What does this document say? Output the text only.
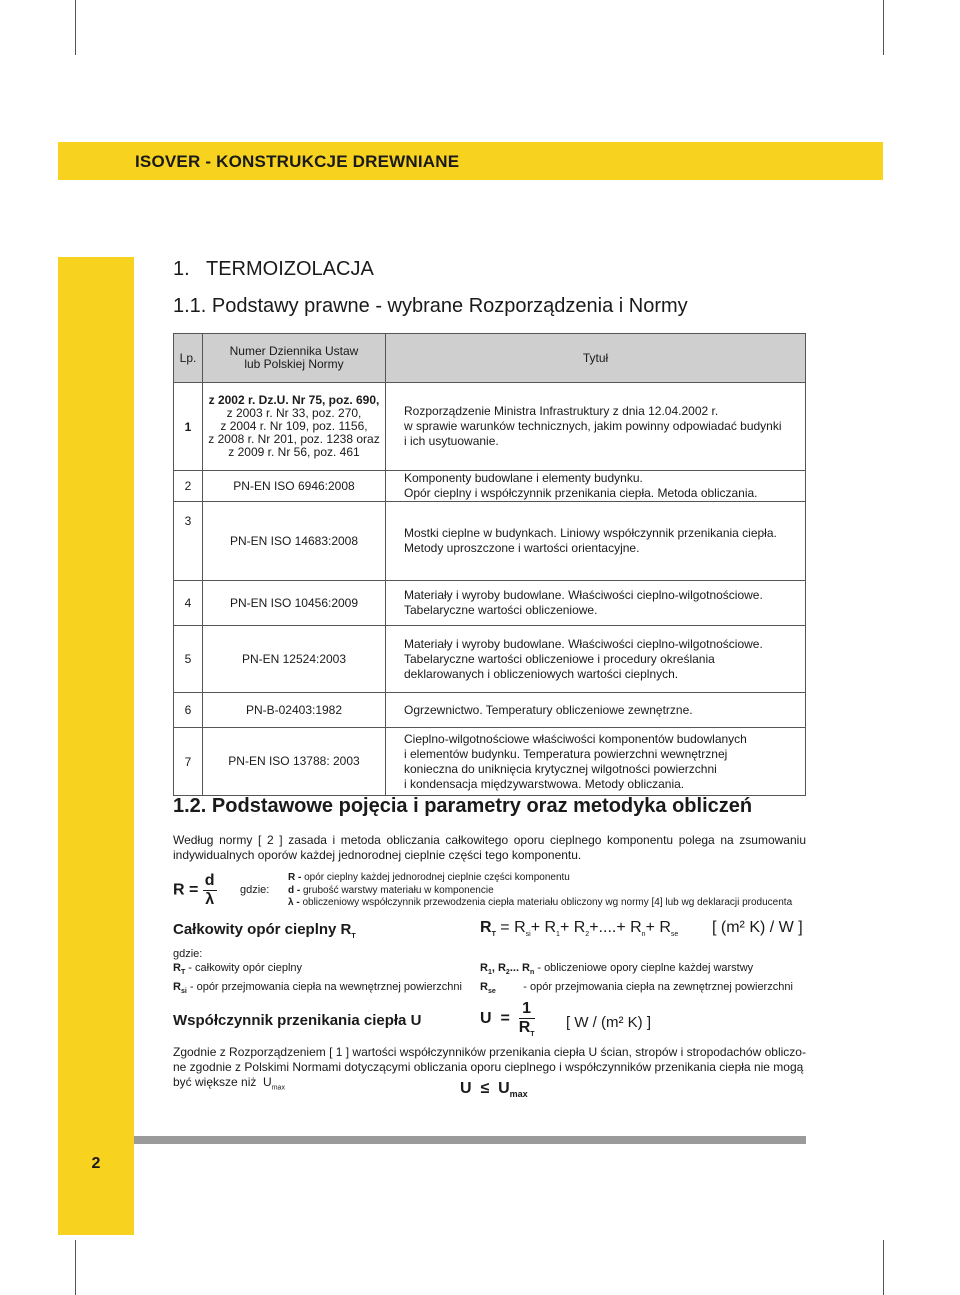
ISOVER - KONSTRUKCJE DREWNIANE
2
1.   TERMOIZOLACJA
1.1. Podstawy prawne - wybrane Rozporządzenia i Normy
Lp.	Numer Dziennika Ustaw
lub Polskiej Normy	Tytuł
1	z 2002 r. Dz.U. Nr 75, poz. 690,
z 2003 r. Nr 33, poz. 270,
z 2004 r. Nr 109, poz. 1156,
z 2008 r. Nr 201, poz. 1238 oraz
z 2009 r. Nr 56, poz. 461	Rozporządzenie Ministra Infrastruktury z dnia 12.04.2002 r.
w sprawie warunków technicznych, jakim powinny odpowiadać budynki
i ich usytuowanie.
2	PN-EN ISO 6946:2008	Komponenty budowlane i elementy budynku.
Opór cieplny i współczynnik przenikania ciepła. Metoda obliczania.
3	PN-EN ISO 14683:2008	Mostki cieplne w budynkach. Liniowy współczynnik przenikania ciepła.
Metody uproszczone i wartości orientacyjne.
4	PN-EN ISO 10456:2009	Materiały i wyroby budowlane. Właściwości cieplno-wilgotnościowe.
Tabelaryczne wartości obliczeniowe.
5	PN-EN 12524:2003	Materiały i wyroby budowlane. Właściwości cieplno-wilgotnościowe.
Tabelaryczne wartości obliczeniowe i procedury określania
deklarowanych i obliczeniowych wartości cieplnych.
6	PN-B-02403:1982	Ogrzewnictwo. Temperatury obliczeniowe zewnętrzne.
7	PN-EN ISO 13788: 2003	Cieplno-wilgotnościowe właściwości komponentów budowlanych
i elementów budynku. Temperatura powierzchni wewnętrznej
konieczna do uniknięcia krytycznej wilgotności powierzchni
i kondensacja międzywarstwowa. Metody obliczania.
1.2. Podstawowe pojęcia i parametry oraz metodyka obliczeń
Według normy [ 2 ] zasada i metoda obliczania całkowitego oporu cieplnego komponentu polega na zsumowaniu indywidualnych oporów każdej jednorodnej cieplnie części tego komponentu.
$R = \frac{d}{\lambda}$ gdzie:
R - opór cieplny każdej jednorodnej cieplnie części komponentu
d - grubość warstwy materiału w komponencie
λ - obliczeniowy współczynnik przewodzenia ciepła materiału obliczony wg normy [4] lub wg deklaracji producenta
Całkowity opór cieplny $R_T$
$R_T = R_{si}+ R_1+ R_2+....+ R_n+ R_{se}$ [ (m² K) / W ]
gdzie:
$R_T$ - całkowity opór cieplny
$R_{si}$ - opór przejmowania ciepła na wewnętrznej powierzchni
$R_1$, $R_2$... $R_n$ - obliczeniowe opory cieplne każdej warstwy
$R_{se}$	- opór przejmowania ciepła na zewnętrznej powierzchni
Współczynnik przenikania ciepła U	$U = \frac{1}{R_T}$ [ W / (m² K) ]
Zgodnie z Rozporządzeniem [ 1 ] wartości współczynników przenikania ciepła U ścian, stropów i stropodachów obliczo-
ne zgodnie z Polskimi Normami dotyczącymi obliczania oporu cieplnego i współczynników przenikania ciepła nie mogą
być większe niż  $U_{max}$	$U \le U_{max}$
